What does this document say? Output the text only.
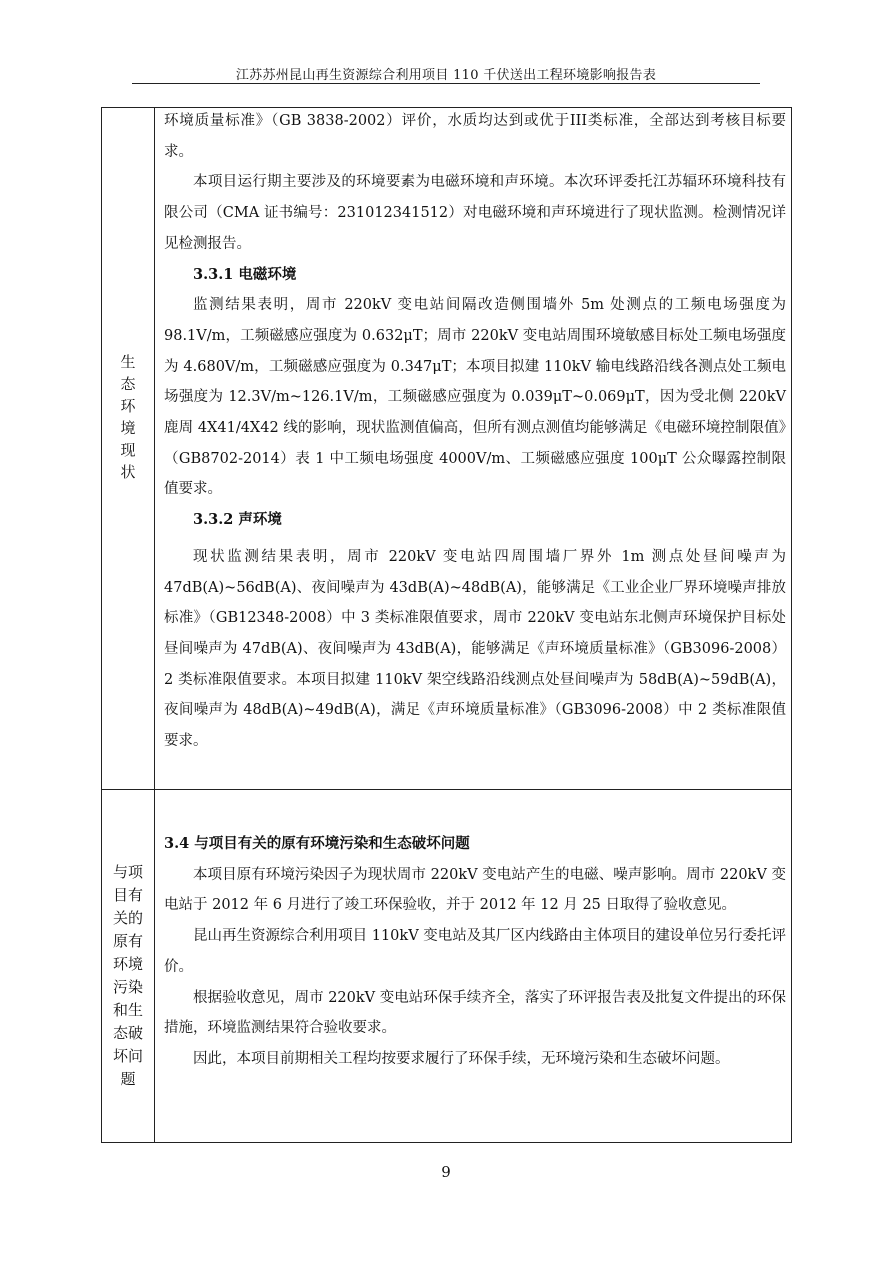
江苏苏州昆山再生资源综合利用项目 110 千伏送出工程环境影响报告表
生
态
环
境
现
状

环境质量标准》（GB 3838-2002）评价，水质均达到或优于III类标准，全部达到考核目标要求。

本项目运行期主要涉及的环境要素为电磁环境和声环境。本次环评委托江苏辐环环境科技有限公司（CMA 证书编号：231012341512）对电磁环境和声环境进行了现状监测。检测情况详见检测报告。

3.3.1 电磁环境

监测结果表明，周市 220kV 变电站间隔改造侧围墙外 5m 处测点的工频电场强度为 98.1V/m，工频磁感应强度为 0.632μT；周市 220kV 变电站周围环境敏感目标处工频电场强度为 4.680V/m，工频磁感应强度为 0.347μT；本项目拟建 110kV 输电线路沿线各测点处工频电场强度为 12.3V/m~126.1V/m，工频磁感应强度为 0.039μT~0.069μT，因为受北侧 220kV 鹿周 4X41/4X42 线的影响，现状监测值偏高，但所有测点测值均能够满足《电磁环境控制限值》（GB8702-2014）表 1 中工频电场强度 4000V/m、工频磁感应强度 100μT 公众曝露控制限值要求。

3.3.2 声环境

现状监测结果表明，周市 220kV 变电站四周围墙厂界外 1m 测点处昼间噪声为 47dB(A)~56dB(A)、夜间噪声为 43dB(A)~48dB(A)，能够满足《工业企业厂界环境噪声排放标准》（GB12348-2008）中 3 类标准限值要求，周市 220kV 变电站东北侧声环境保护目标处昼间噪声为 47dB(A)、夜间噪声为 43dB(A)，能够满足《声环境质量标准》（GB3096-2008）2 类标准限值要求。本项目拟建 110kV 架空线路沿线测点处昼间噪声为 58dB(A)~59dB(A)，夜间噪声为 48dB(A)~49dB(A)，满足《声环境质量标准》（GB3096-2008）中 2 类标准限值要求。

与项
目有
关的
原有
环境
污染
和生
态破
坏问
题
3.4 与项目有关的原有环境污染和生态破坏问题

本项目原有环境污染因子为现状周市 220kV 变电站产生的电磁、噪声影响。周市 220kV 变电站于 2012 年 6 月进行了竣工环保验收，并于 2012 年 12 月 25 日取得了验收意见。

昆山再生资源综合利用项目 110kV 变电站及其厂区内线路由主体项目的建设单位另行委托评价。

根据验收意见，周市 220kV 变电站环保手续齐全，落实了环评报告表及批复文件提出的环保措施，环境监测结果符合验收要求。

因此，本项目前期相关工程均按要求履行了环保手续，无环境污染和生态破坏问题。

9
